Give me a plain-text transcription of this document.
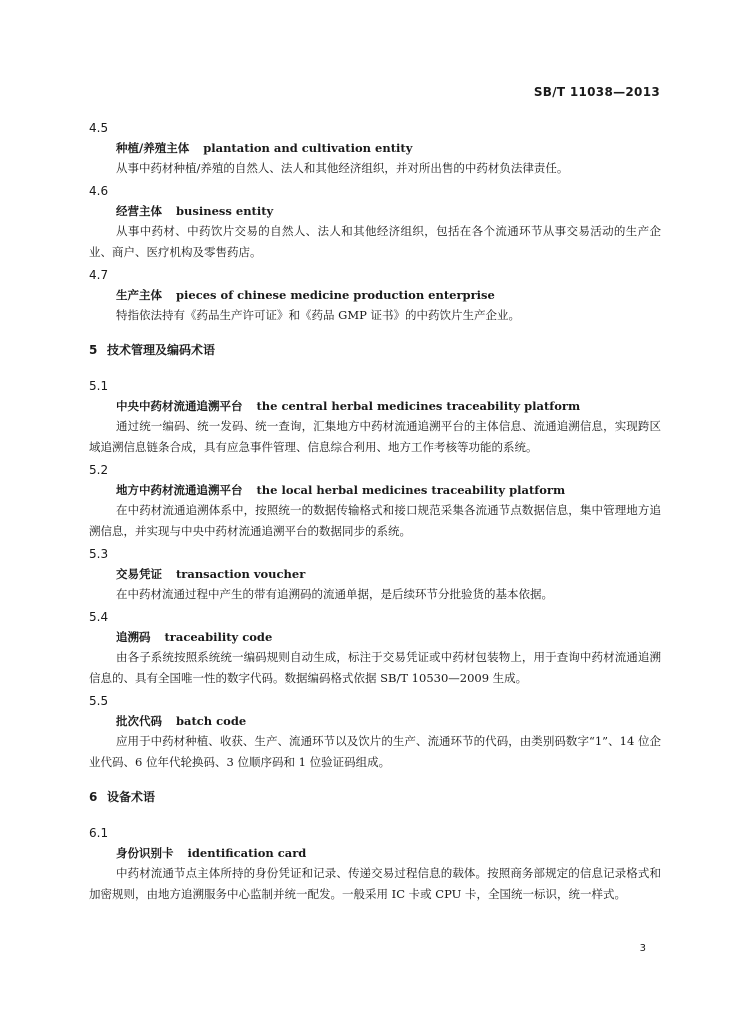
SB/T 11038—2013
4.5
种植/养殖主体 plantation and cultivation entity
从事中药材种植/养殖的自然人、法人和其他经济组织，并对所出售的中药材负法律责任。
4.6
经营主体 business entity
从事中药材、中药饮片交易的自然人、法人和其他经济组织，包括在各个流通环节从事交易活动的生产企业、商户、医疗机构及零售药店。
4.7
生产主体 pieces of chinese medicine production enterprise
特指依法持有《药品生产许可证》和《药品 GMP 证书》的中药饮片生产企业。
5 技术管理及编码术语
5.1
中央中药材流通追溯平台 the central herbal medicines traceability platform
通过统一编码、统一发码、统一查询，汇集地方中药材流通追溯平台的主体信息、流通追溯信息，实现跨区域追溯信息链条合成，具有应急事件管理、信息综合利用、地方工作考核等功能的系统。
5.2
地方中药材流通追溯平台 the local herbal medicines traceability platform
在中药材流通追溯体系中，按照统一的数据传输格式和接口规范采集各流通节点数据信息，集中管理地方追溯信息，并实现与中央中药材流通追溯平台的数据同步的系统。
5.3
交易凭证 transaction voucher
在中药材流通过程中产生的带有追溯码的流通单据，是后续环节分批验货的基本依据。
5.4
追溯码 traceability code
由各子系统按照系统统一编码规则自动生成，标注于交易凭证或中药材包装物上，用于查询中药材流通追溯信息的、具有全国唯一性的数字代码。数据编码格式依据 SB/T 10530—2009 生成。
5.5
批次代码 batch code
应用于中药材种植、收获、生产、流通环节以及饮片的生产、流通环节的代码，由类别码数字“1”、14 位企业代码、6 位年代轮换码、3 位顺序码和 1 位验证码组成。
6 设备术语
6.1
身份识别卡 identification card
中药材流通节点主体所持的身份凭证和记录、传递交易过程信息的载体。按照商务部规定的信息记录格式和加密规则，由地方追溯服务中心监制并统一配发。一般采用 IC 卡或 CPU 卡，全国统一标识，统一样式。
3
